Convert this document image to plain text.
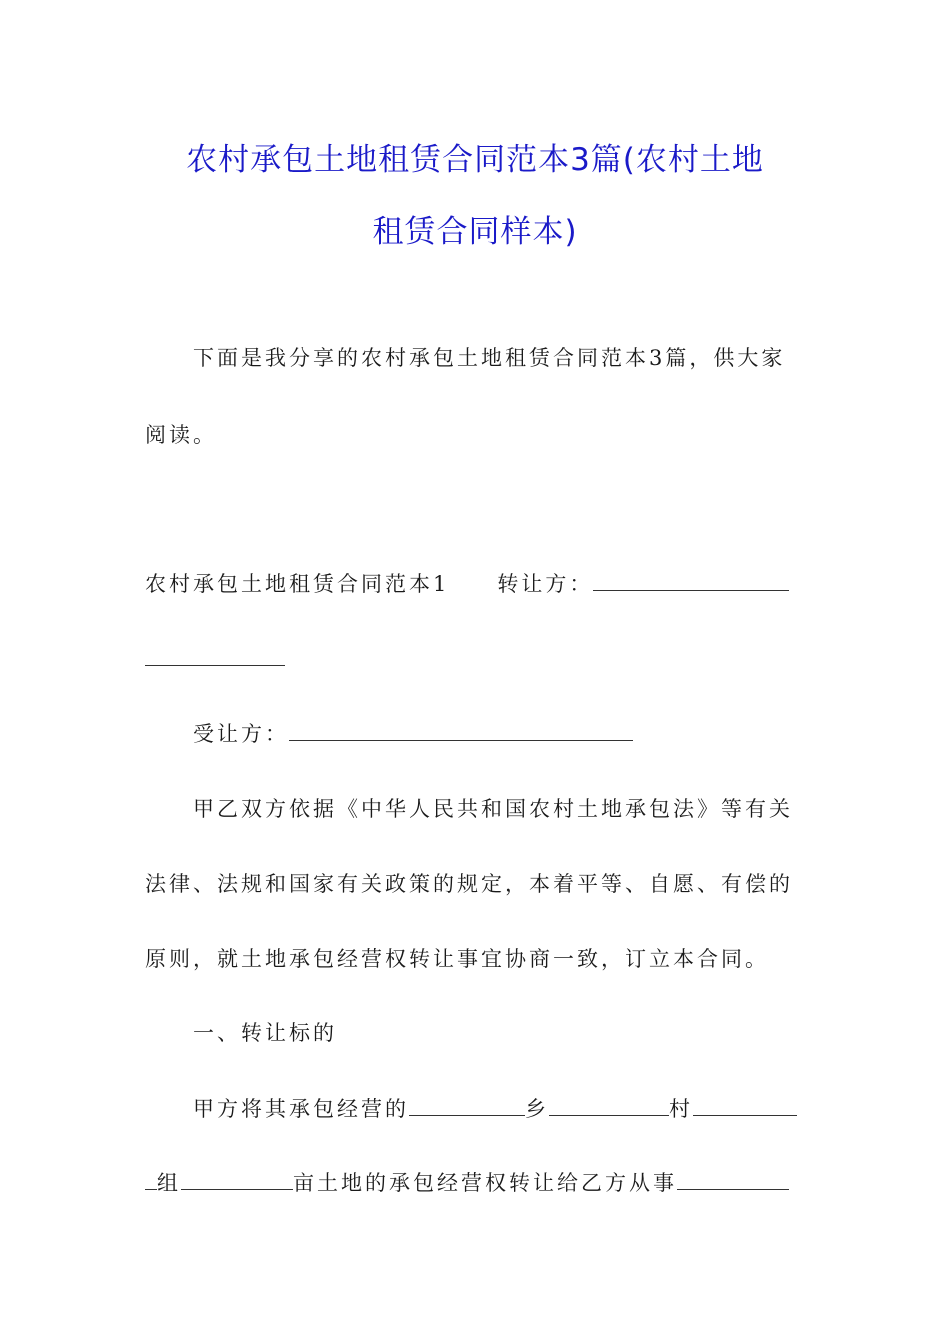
农村承包土地租赁合同范本3篇(农村土地
租赁合同样本)
下面是我分享的农村承包土地租赁合同范本3篇，供大家
阅读。
农村承包土地租赁合同范本1 转让方：
受让方：
甲乙双方依据《中华人民共和国农村土地承包法》等有关
法律、法规和国家有关政策的规定，本着平等、自愿、有偿的
原则，就土地承包经营权转让事宜协商一致，订立本合同。
一、转让标的
甲方将其承包经营的	乡	村
组	亩土地的承包经营权转让给乙方从事
